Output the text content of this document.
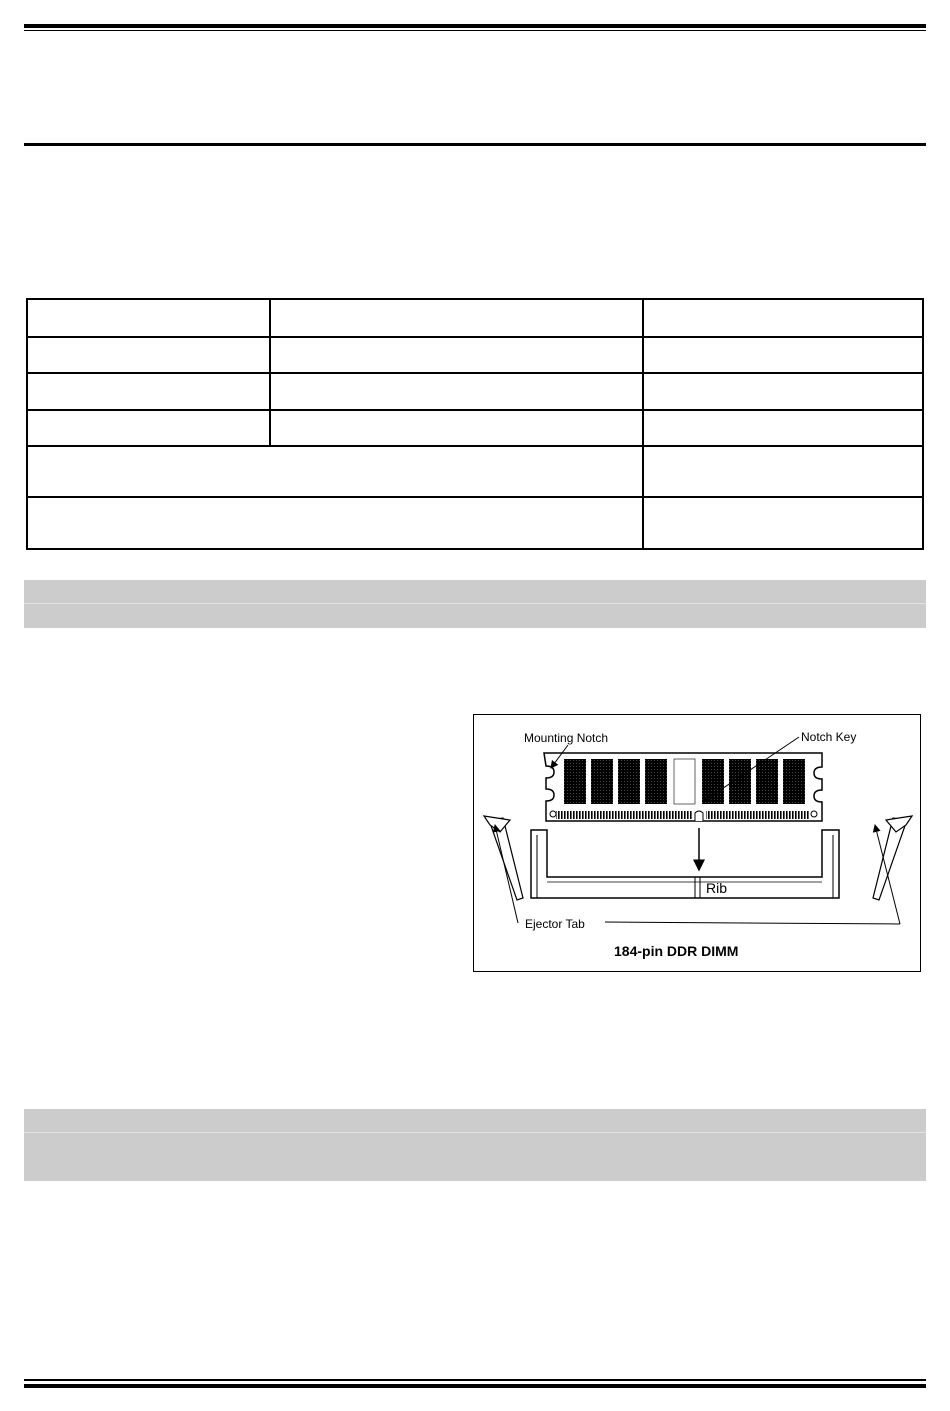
Mounting Notch	Notch Key
Rib
Ejector Tab
184-pin DDR DIMM
